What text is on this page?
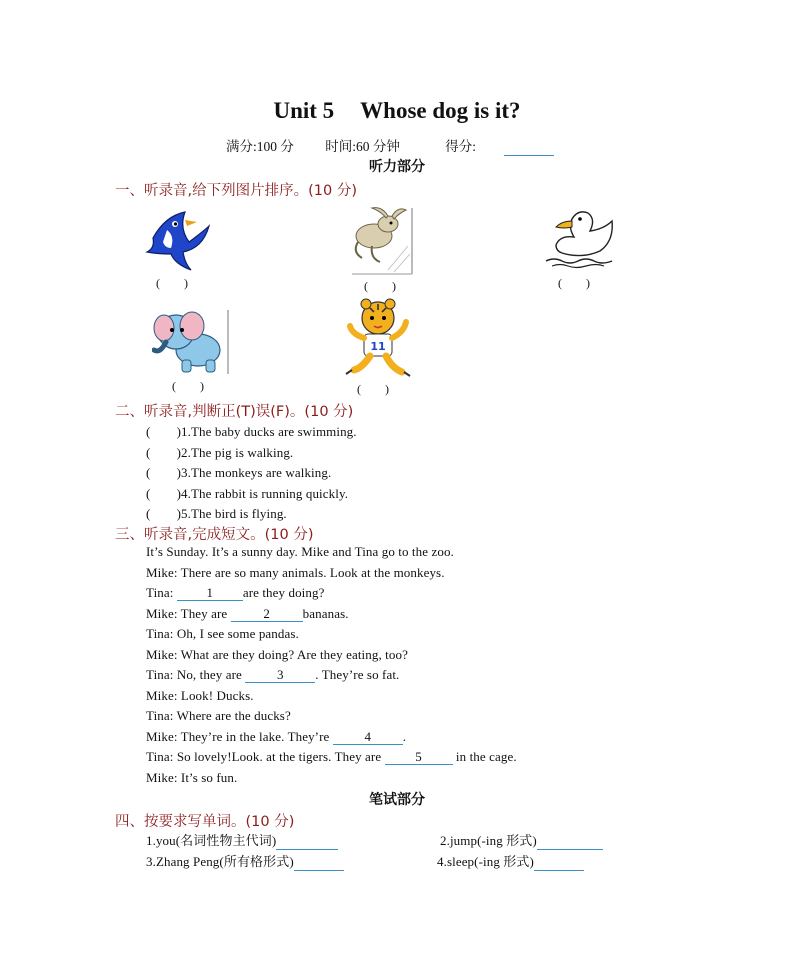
Unit 5 Whose dog is it?
满分:100 分 时间:60 分钟	得分:
听力部分
一、听录音,给下列图片排序。(10 分)
(　　)	(　　)	(　　)
(　　)
11
(　　)
二、听录音,判断正(T)误(F)。(10 分)
(　　)1.The baby ducks are swimming.
(　　)2.The pig is walking.
(　　)3.The monkeys are walking.
(　　)4.The rabbit is running quickly.
(　　)5.The bird is flying.
三、听录音,完成短文。(10 分)
It’s Sunday. It’s a sunny day. Mike and Tina go to the zoo.
Mike: There are so many animals. Look at the monkeys.
Tina: 1 are they doing?
Mike: They are	2	bananas.
Tina: Oh, I see some pandas.
Mike: What are they doing? Are they eating, too?
Tina: No, they are 3 . They’re so fat.
Mike: Look! Ducks.
Tina: Where are the ducks?
Mike: They’re in the lake. They’re 4 .
Tina: So lovely!Look. at the tigers. They are 5 in the cage.
Mike: It’s so fun.
笔试部分
四、按要求写单词。(10 分)
1.you(名词性物主代词)	2.jump(-ing 形式)
3.Zhang Peng(所有格形式)	4.sleep(-ing 形式)
